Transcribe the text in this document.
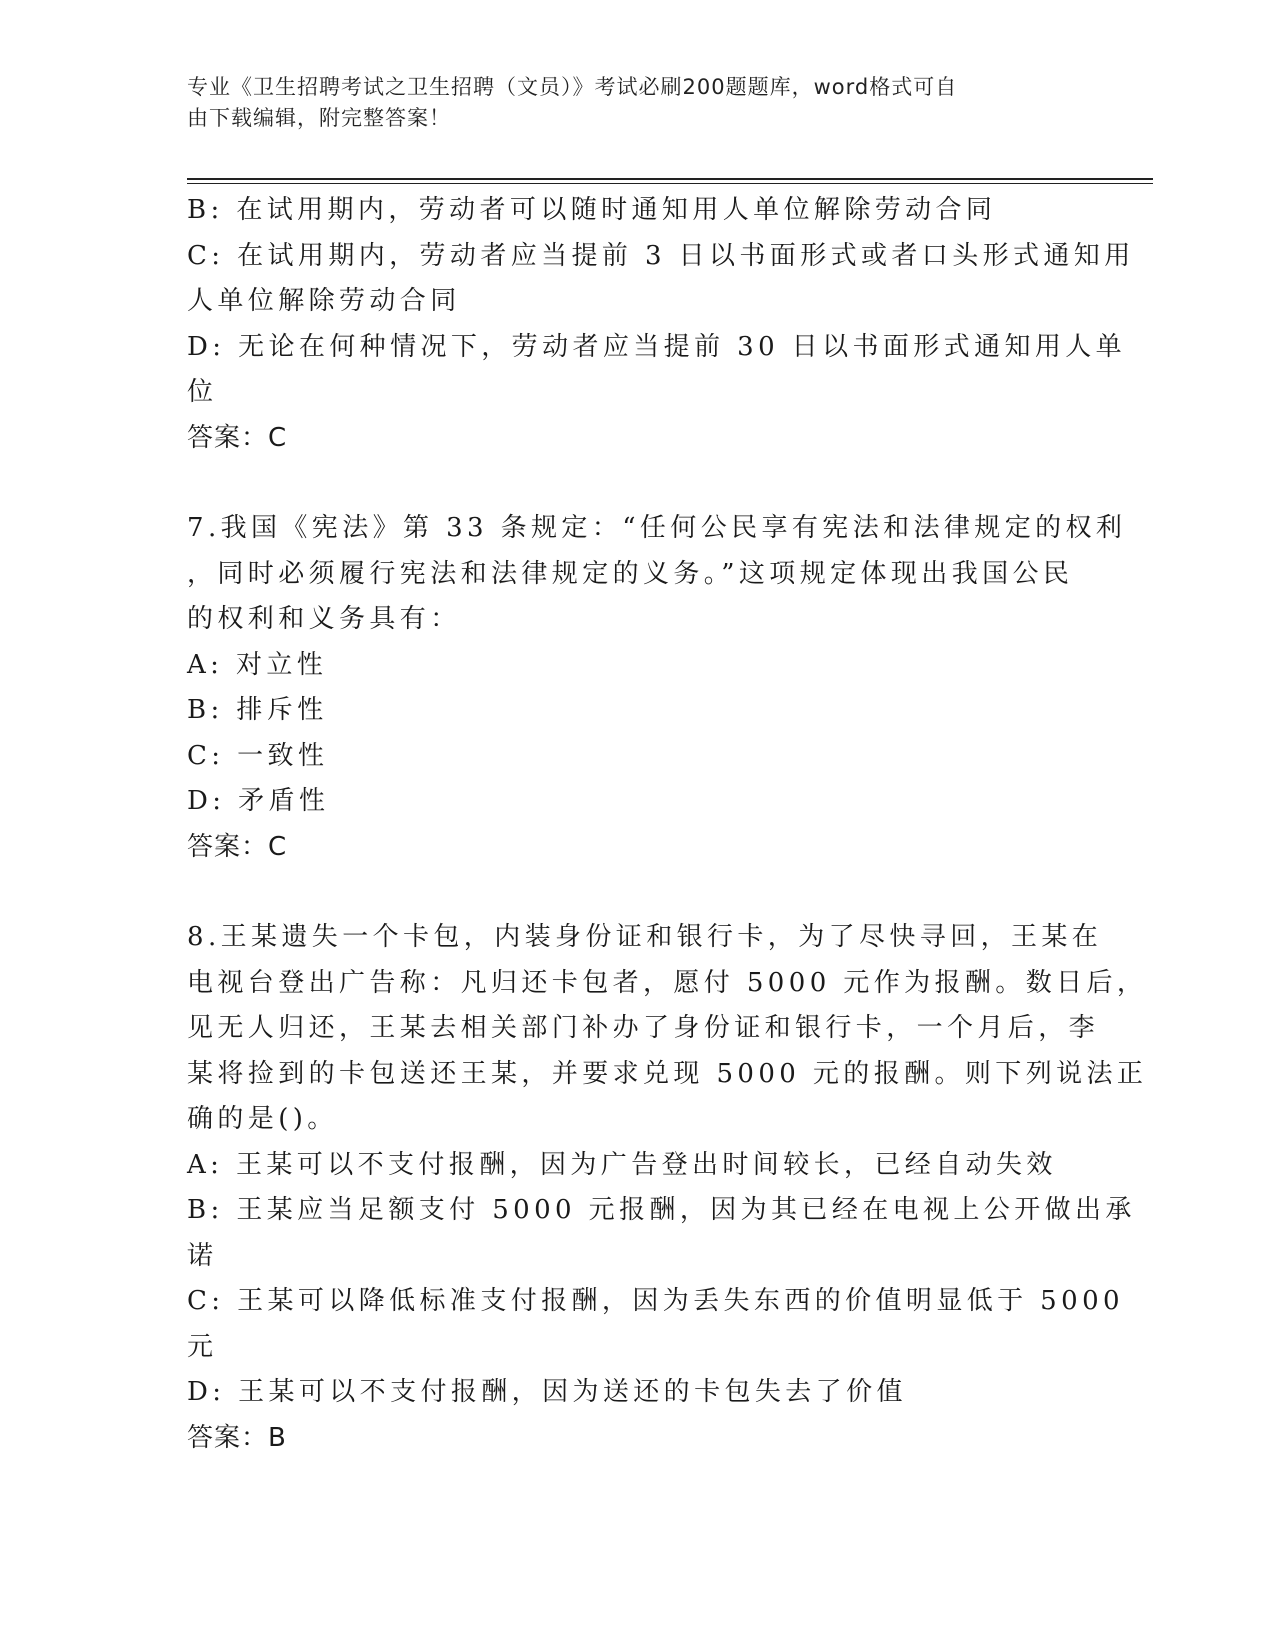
专业《卫生招聘考试之卫生招聘（文员）》考试必刷200题题库，word格式可自
由下载编辑，附完整答案！

B: 在试用期内，劳动者可以随时通知用人单位解除劳动合同

C: 在试用期内，劳动者应当提前 3 日以书面形式或者口头形式通知用

人单位解除劳动合同

D: 无论在何种情况下，劳动者应当提前 30 日以书面形式通知用人单

位

答案：C

7.我国《宪法》第 33 条规定：“任何公民享有宪法和法律规定的权利

，同时必须履行宪法和法律规定的义务。”这项规定体现出我国公民

的权利和义务具有：

A: 对立性

B: 排斥性

C: 一致性

D: 矛盾性

答案：C

8.王某遗失一个卡包，内装身份证和银行卡，为了尽快寻回，王某在

电视台登出广告称：凡归还卡包者，愿付 5000 元作为报酬。数日后，

见无人归还，王某去相关部门补办了身份证和银行卡，一个月后，李

某将捡到的卡包送还王某，并要求兑现 5000 元的报酬。则下列说法正

确的是()。

A: 王某可以不支付报酬，因为广告登出时间较长，已经自动失效

B: 王某应当足额支付 5000 元报酬，因为其已经在电视上公开做出承

诺

C: 王某可以降低标准支付报酬，因为丢失东西的价值明显低于 5000

元

D: 王某可以不支付报酬，因为送还的卡包失去了价值

答案：B
